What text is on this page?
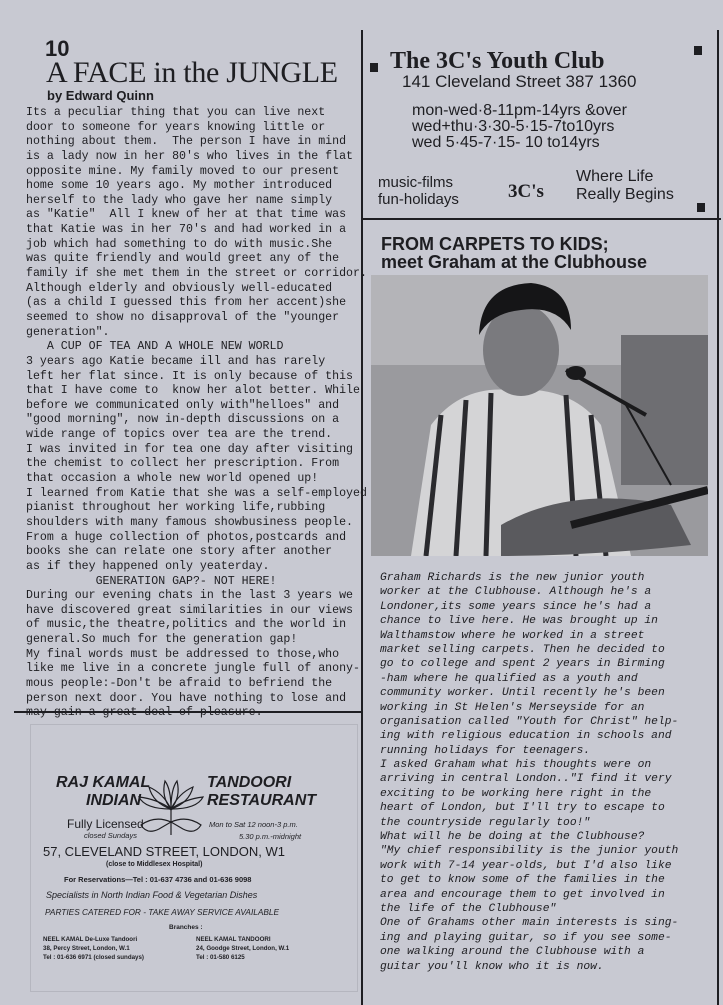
10
A FACE in the JUNGLE
by Edward Quinn
Its a peculiar thing that you can live next
door to someone for years knowing little or
nothing about them.  The person I have in mind
is a lady now in her 80's who lives in the flat
opposite mine. My family moved to our present
home some 10 years ago. My mother introduced
herself to the lady who gave her name simply
as "Katie"  All I knew of her at that time was
that Katie was in her 70's and had worked in a
job which had something to do with music.She
was quite friendly and would greet any of the
family if she met them in the street or corridor.
Although elderly and obviously well-educated
(as a child I guessed this from her accent)she
seemed to show no disapproval of the "younger
generation".
A CUP OF TEA AND A WHOLE NEW WORLD
3 years ago Katie became ill and has rarely
left her flat since. It is only because of this
that I have come to  know her alot better. While
before we communicated only with"helloes" and
"good morning", now in-depth discussions on a
wide range of topics over tea are the trend.
I was invited in for tea one day after visiting
the chemist to collect her prescription. From
that occasion a whole new world opened up!
I learned from Katie that she was a self-employed
pianist throughout her working life,rubbing
shoulders with many famous showbusiness people.
From a huge collection of photos,postcards and
books she can relate one story after another
as if they happened only yeaterday.
GENERATION GAP?- NOT HERE!
During our evening chats in the last 3 years we
have discovered great similarities in our views
of music,the theatre,politics and the world in
general.So much for the generation gap!
My final words must be addressed to those,who
like me live in a concrete jungle full of anony-
mous people:-Don't be afraid to befriend the
person next door. You have nothing to lose and
may gain a great deal of pleasure.
The 3C's Youth Club
141 Cleveland Street 387 1360
mon-wed·8-11pm-14yrs &over
wed+thu·3·30-5·15-7to10yrs
wed 5·45-7·15- 10 to14yrs
music-films
fun-holidays	3C's
Where Life
Really Begins
FROM CARPETS TO KIDS;
meet Graham at the Clubhouse
Graham Richards is the new junior youth
worker at the Clubhouse. Although he's a
Londoner,its some years since he's had a
chance to live here. He was brought up in
Walthamstow where he worked in a street
market selling carpets. Then he decided to
go to college and spent 2 years in Birming
-ham where he qualified as a youth and
community worker. Until recently he's been
working in St Helen's Merseyside for an
organisation called "Youth for Christ" help-
ing with religious education in schools and
running holidays for teenagers.
I asked Graham what his thoughts were on
arriving in central London.."I find it very
exciting to be working here right in the
heart of London, but I'll try to escape to
the countryside regularly too!"
What will he be doing at the Clubhouse?
"My chief responsibility is the junior youth
work with 7-14 year-olds, but I'd also like
to get to know some of the families in the
area and encourage them to get involved in
the life of the Clubhouse"
One of Grahams other main interests is sing-
ing and playing guitar, so if you see some-
one walking around the Clubhouse with a
guitar you'll know who it is now.
RAJ KAMAL
INDIAN
TANDOORI
RESTAURANT
Fully Licensed
closed Sundays
Mon to Sat 12 noon-3 p.m.
5.30 p.m.-midnight
57, CLEVELAND STREET, LONDON, W1
(close to Middlesex Hospital)
For Reservations—Tel : 01-637 4736 and 01-636 9098
Specialists in North Indian Food & Vegetarian Dishes
PARTIES CATERED FOR - TAKE AWAY SERVICE AVAILABLE
Branches :
NEEL KAMAL De-Luxe Tandoori
38, Percy Street, London, W.1
Tel : 01-636 6971 (closed sundays)
NEEL KAMAL TANDOORI
24, Goodge Street, London, W.1
Tel : 01-580 6125
